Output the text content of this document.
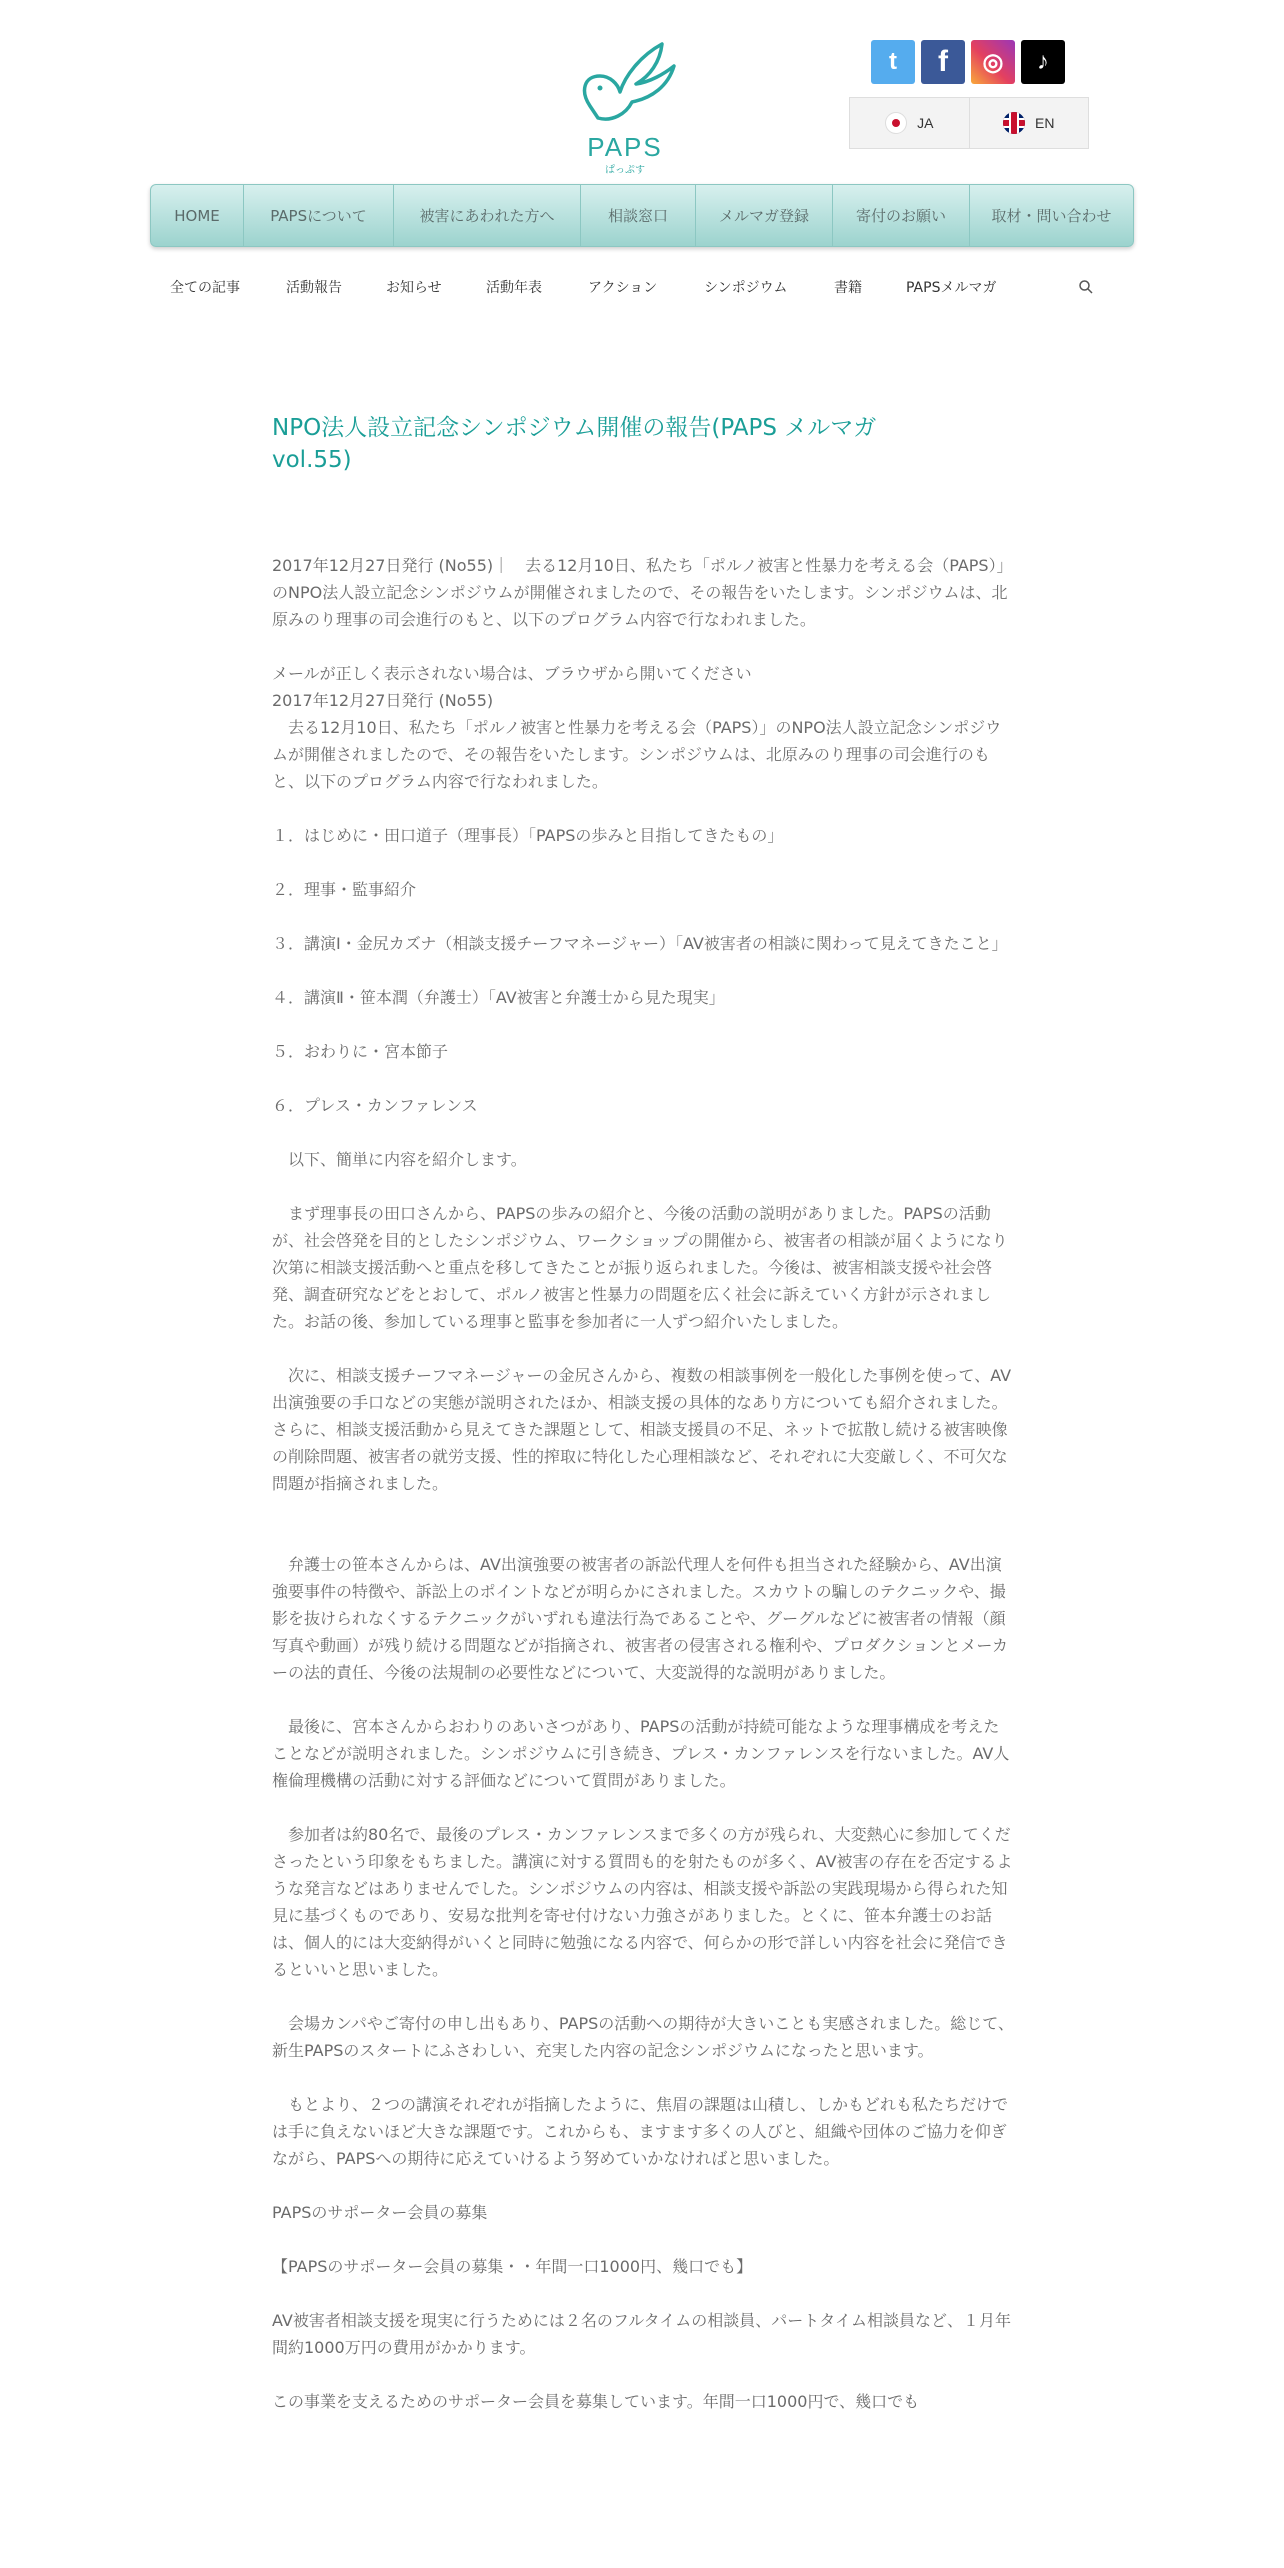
PAPS
ぱっぷす
t	f	◎	♪
JA	EN
HOME	PAPSについて	被害にあわれた方へ	相談窓口	メルマガ登録	寄付のお願い	取材・問い合わせ
全ての記事	活動報告	お知らせ	活動年表	アクション	シンポジウム	書籍	PAPSメルマガ
NPO法人設立記念シンポジウム開催の報告(PAPS メルマガvol.55)

2017年12月27日発行 (No55)｜　去る12月10日、私たち「ポルノ被害と性暴力を考える会（PAPS）」のNPO法人設立記念シンポジウムが開催されましたので、その報告をいたします。シンポジウムは、北原みのり理事の司会進行のもと、以下のプログラム内容で行なわれました。

メールが正しく表示されない場合は、ブラウザから開いてください

2017年12月27日発行 (No55)

　去る12月10日、私たち「ポルノ被害と性暴力を考える会（PAPS）」のNPO法人設立記念シンポジウムが開催されましたので、その報告をいたします。シンポジウムは、北原みのり理事の司会進行のもと、以下のプログラム内容で行なわれました。

１．はじめに・田口道子（理事長）「PAPSの歩みと目指してきたもの」

２．理事・監事紹介

３．講演Ⅰ・金尻カズナ（相談支援チーフマネージャー）「AV被害者の相談に関わって見えてきたこと」

４．講演Ⅱ・笹本潤（弁護士）「AV被害と弁護士から見た現実」

５．おわりに・宮本節子

６．プレス・カンファレンス

　以下、簡単に内容を紹介します。

　まず理事長の田口さんから、PAPSの歩みの紹介と、今後の活動の説明がありました。PAPSの活動が、社会啓発を目的としたシンポジウム、ワークショップの開催から、被害者の相談が届くようになり次第に相談支援活動へと重点を移してきたことが振り返られました。今後は、被害相談支援や社会啓発、調査研究などをとおして、ポルノ被害と性暴力の問題を広く社会に訴えていく方針が示されました。お話の後、参加している理事と監事を参加者に一人ずつ紹介いたしました。

　次に、相談支援チーフマネージャーの金尻さんから、複数の相談事例を一般化した事例を使って、AV出演強要の手口などの実態が説明されたほか、相談支援の具体的なあり方についても紹介されました。さらに、相談支援活動から見えてきた課題として、相談支援員の不足、ネットで拡散し続ける被害映像の削除問題、被害者の就労支援、性的搾取に特化した心理相談など、それぞれに大変厳しく、不可欠な問題が指摘されました。

　弁護士の笹本さんからは、AV出演強要の被害者の訴訟代理人を何件も担当された経験から、AV出演強要事件の特徴や、訴訟上のポイントなどが明らかにされました。スカウトの騙しのテクニックや、撮影を抜けられなくするテクニックがいずれも違法行為であることや、グーグルなどに被害者の情報（顔写真や動画）が残り続ける問題などが指摘され、被害者の侵害される権利や、プロダクションとメーカーの法的責任、今後の法規制の必要性などについて、大変説得的な説明がありました。

　最後に、宮本さんからおわりのあいさつがあり、PAPSの活動が持続可能なような理事構成を考えたことなどが説明されました。シンポジウムに引き続き、プレス・カンファレンスを行ないました。AV人権倫理機構の活動に対する評価などについて質問がありました。

　参加者は約80名で、最後のプレス・カンファレンスまで多くの方が残られ、大変熱心に参加してくださったという印象をもちました。講演に対する質問も的を射たものが多く、AV被害の存在を否定するような発言などはありませんでした。シンポジウムの内容は、相談支援や訴訟の実践現場から得られた知見に基づくものであり、安易な批判を寄せ付けない力強さがありました。とくに、笹本弁護士のお話は、個人的には大変納得がいくと同時に勉強になる内容で、何らかの形で詳しい内容を社会に発信できるといいと思いました。

　会場カンパやご寄付の申し出もあり、PAPSの活動への期待が大きいことも実感されました。総じて、新生PAPSのスタートにふさわしい、充実した内容の記念シンポジウムになったと思います。

　もとより、２つの講演それぞれが指摘したように、焦眉の課題は山積し、しかもどれも私たちだけでは手に負えないほど大きな課題です。これからも、ますます多くの人びと、組織や団体のご協力を仰ぎながら、PAPSへの期待に応えていけるよう努めていかなければと思いました。

PAPSのサポーター会員の募集

【PAPSのサポーター会員の募集・・年間一口1000円、幾口でも】

AV被害者相談支援を現実に行うためには２名のフルタイムの相談員、パートタイム相談員など、１月年間約1000万円の費用がかかります。

この事業を支えるためのサポーター会員を募集しています。年間一口1000円で、幾口でも
